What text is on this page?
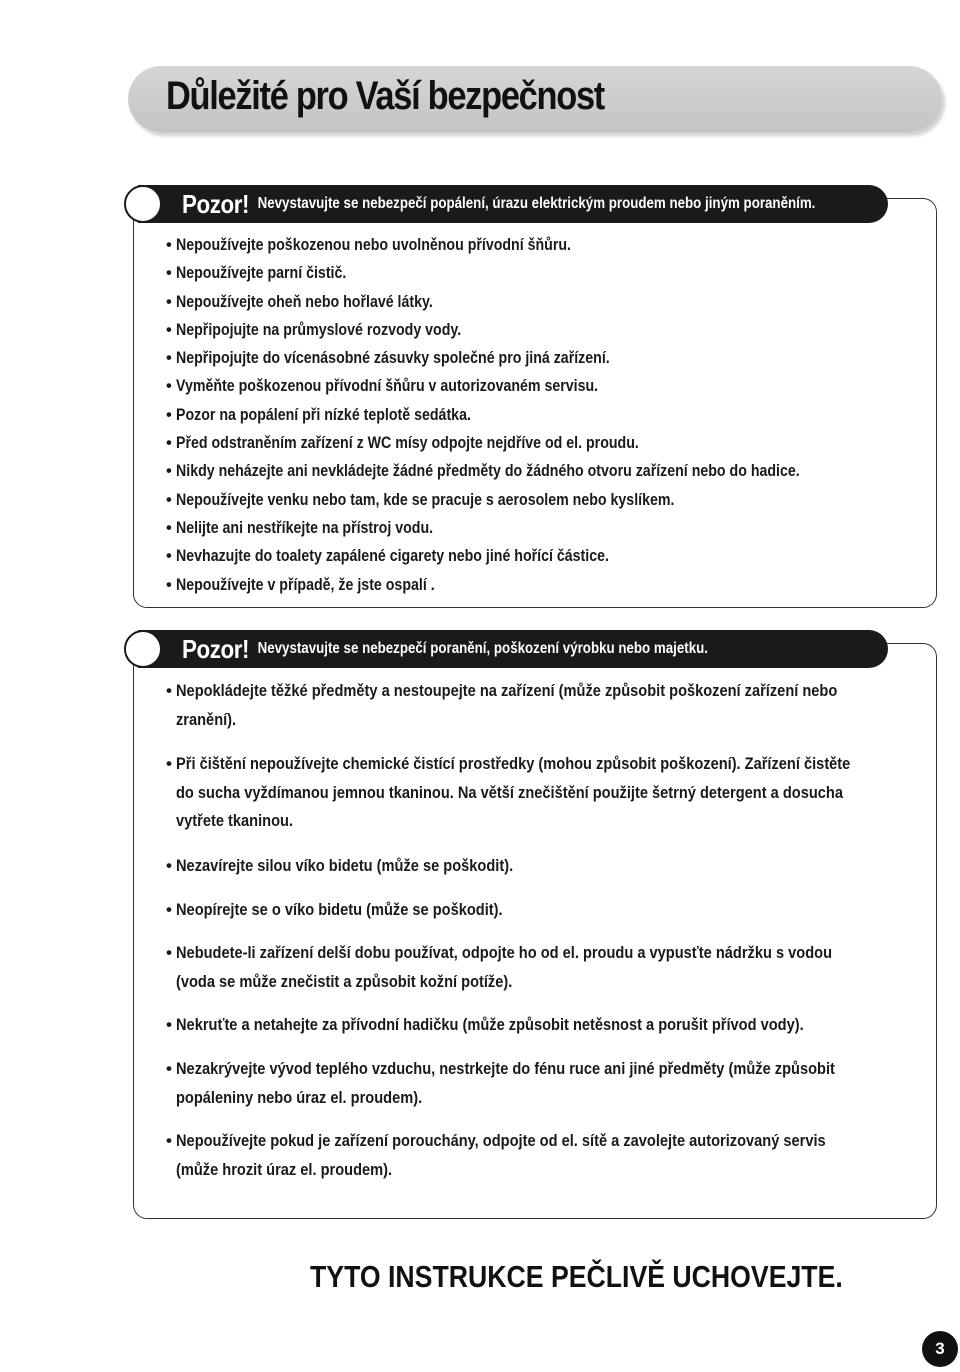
Důležité pro Vaší bezpečnost
Pozor! Nevystavujte se nebezpečí popálení, úrazu elektrickým proudem nebo jiným poraněním.
• Nepoužívejte poškozenou nebo uvolněnou přívodní šňůru.
• Nepoužívejte parní čistič.
• Nepoužívejte oheň nebo hořlavé látky.
• Nepřipojujte na průmyslové rozvody vody.
• Nepřipojujte do vícenásobné zásuvky společné pro jiná zařízení.
• Vyměňte poškozenou přívodní šňůru v autorizovaném servisu.
• Pozor na popálení při nízké teplotě sedátka.
• Před odstraněním zařízení z WC mísy odpojte nejdříve od el. proudu.
• Nikdy neházejte ani nevkládejte žádné předměty do žádného otvoru zařízení nebo do hadice.
• Nepoužívejte venku nebo tam, kde se pracuje s aerosolem nebo kyslíkem.
• Nelijte ani nestříkejte na přístroj vodu.
• Nevhazujte do toalety zapálené cigarety nebo jiné hořící částice.
• Nepoužívejte v případě, že jste ospalí .
Pozor! Nevystavujte se nebezpečí poranění, poškození výrobku nebo majetku.
• Nepokládejte těžké předměty a nestoupejte na zařízení (může způsobit poškození zařízení nebo
zranění).
• Při čištění nepoužívejte chemické čistící prostředky (mohou způsobit poškození). Zařízení čistěte
do sucha vyždímanou jemnou tkaninou. Na větší znečištění použijte šetrný detergent a dosucha
vytřete tkaninou.
• Nezavírejte silou víko bidetu (může se poškodit).
• Neopírejte se o víko bidetu (může se poškodit).
• Nebudete-li zařízení delší dobu používat, odpojte ho od el. proudu a vypusťte nádržku s vodou
(voda se může znečistit a způsobit kožní potíže).
• Nekruťte a netahejte za přívodní hadičku (může způsobit netěsnost a porušit přívod vody).
• Nezakrývejte vývod teplého vzduchu, nestrkejte do fénu ruce ani jiné předměty (může způsobit
popáleniny nebo úraz el. proudem).
• Nepoužívejte pokud je zařízení porouchány, odpojte od el. sítě a zavolejte autorizovaný servis
(může hrozit úraz el. proudem).

TYTO INSTRUKCE PEČLIVĚ UCHOVEJTE.

3
